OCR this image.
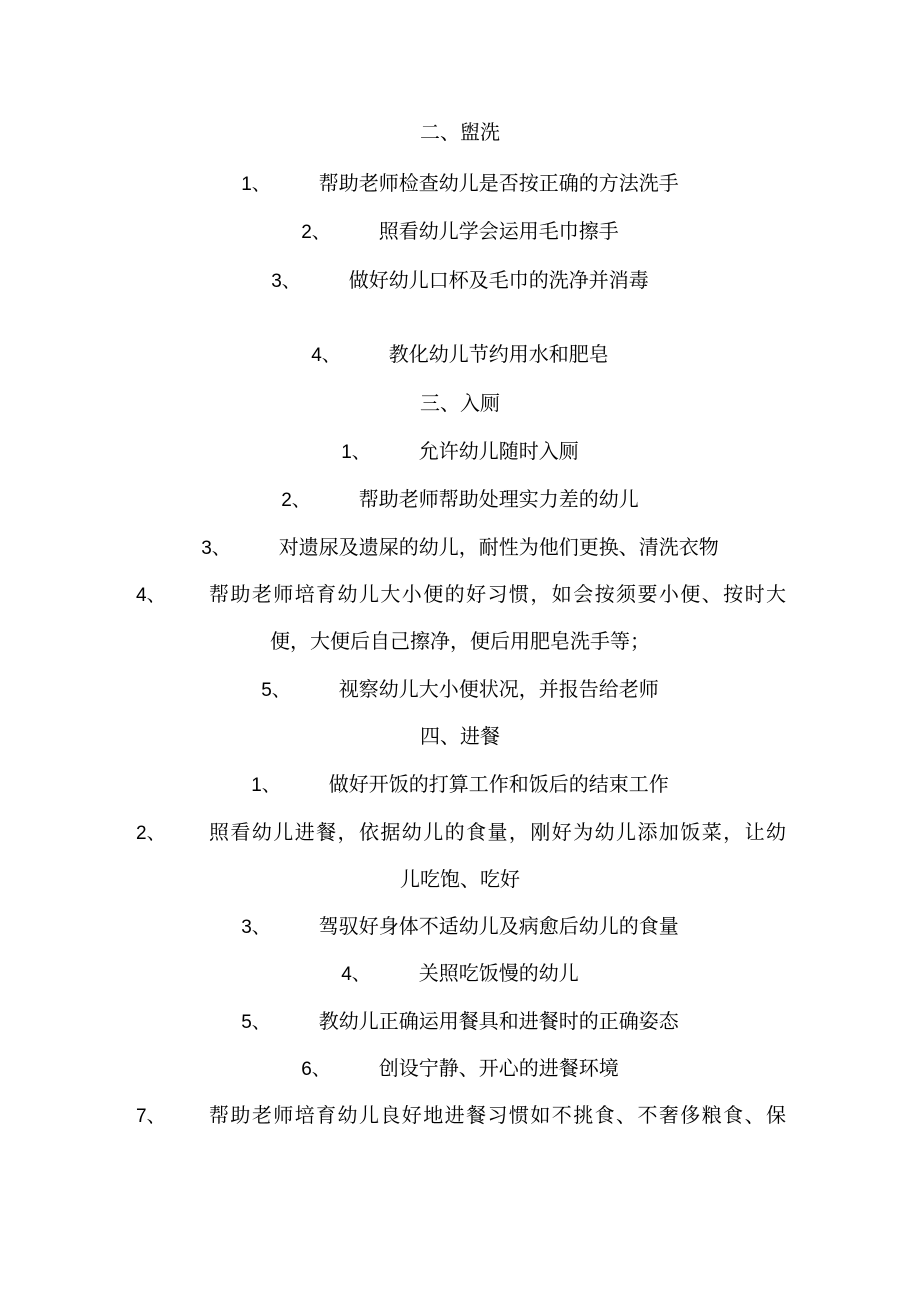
二、盥洗
1、 帮助老师检查幼儿是否按正确的方法洗手
2、 照看幼儿学会运用毛巾擦手
3、 做好幼儿口杯及毛巾的洗净并消毒
4、 教化幼儿节约用水和肥皂
三、入厕
1、 允许幼儿随时入厕
2、 帮助老师帮助处理实力差的幼儿
3、 对遗尿及遗屎的幼儿，耐性为他们更换、清洗衣物
4、 帮助老师培育幼儿大小便的好习惯，如会按须要小便、按时大
便，大便后自己擦净，便后用肥皂洗手等；
5、 视察幼儿大小便状况，并报告给老师
四、进餐
1、 做好开饭的打算工作和饭后的结束工作
2、 照看幼儿进餐，依据幼儿的食量，刚好为幼儿添加饭菜，让幼
儿吃饱、吃好
3、 驾驭好身体不适幼儿及病愈后幼儿的食量
4、 关照吃饭慢的幼儿
5、 教幼儿正确运用餐具和进餐时的正确姿态
6、 创设宁静、开心的进餐环境
7、 帮助老师培育幼儿良好地进餐习惯如不挑食、不奢侈粮食、保
